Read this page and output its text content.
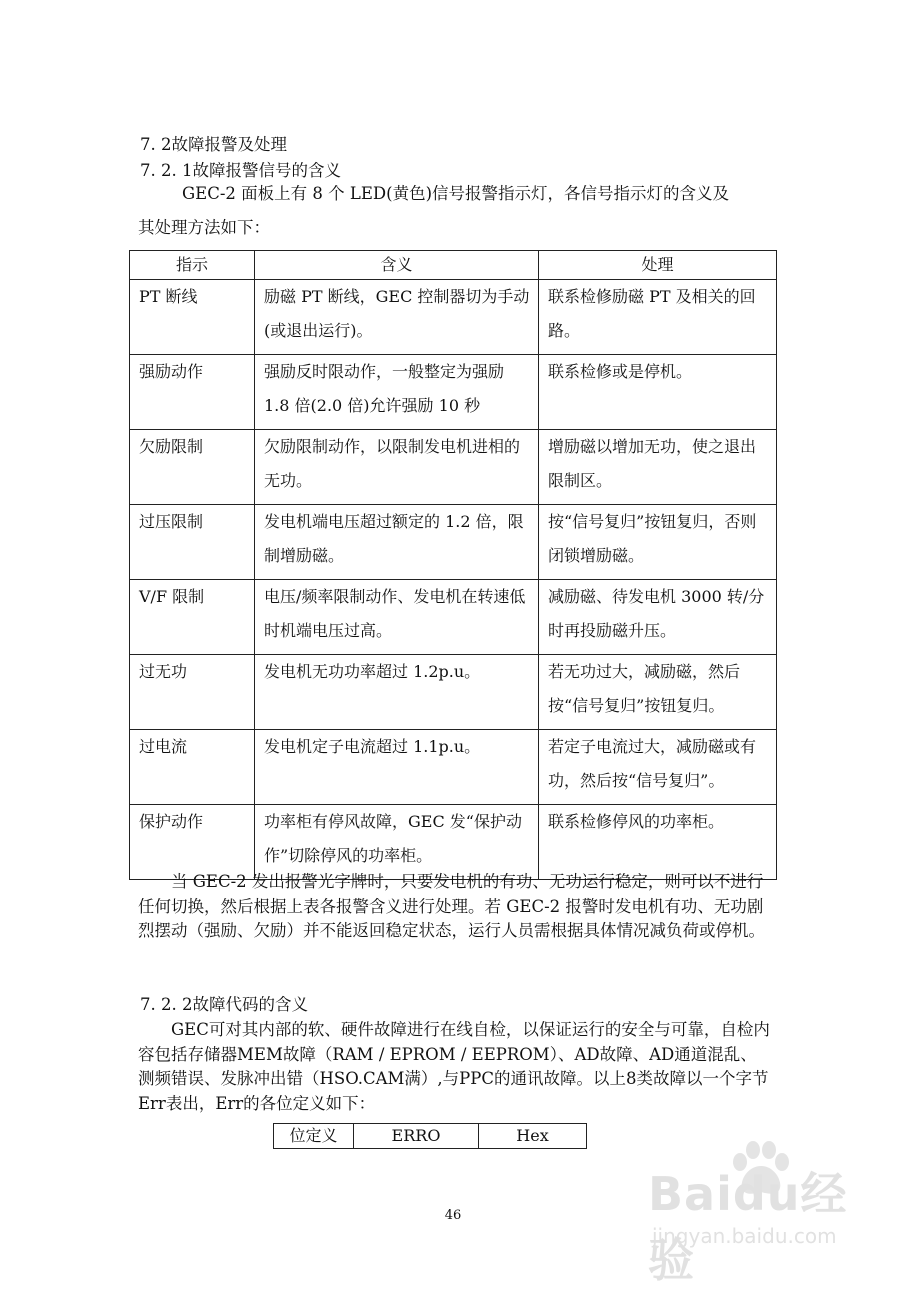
7. 2故障报警及处理
7. 2. 1故障报警信号的含义
GEC-2 面板上有 8 个 LED(黄色)信号报警指示灯，各信号指示灯的含义及
其处理方法如下：
指示	含义	处理

PT 断线	励磁 PT 断线，GEC 控制器切为手动(或退出运行)。	联系检修励磁 PT 及相关的回路。

强励动作	强励反时限动作，一般整定为强励 1.8 倍(2.0 倍)允许强励 10 秒	联系检修或是停机。

欠励限制	欠励限制动作，以限制发电机进相的无功。	增励磁以增加无功，使之退出限制区。

过压限制	发电机端电压超过额定的 1.2 倍，限制增励磁。	按“信号复归”按钮复归，否则闭锁增励磁。

V/F 限制	电压/频率限制动作、发电机在转速低时机端电压过高。	减励磁、待发电机 3000 转/分时再投励磁升压。

过无功	发电机无功功率超过 1.2p.u。	若无功过大，减励磁，然后按“信号复归”按钮复归。

过电流	发电机定子电流超过 1.1p.u。	若定子电流过大，减励磁或有功，然后按“信号复归”。

保护动作	功率柜有停风故障，GEC 发“保护动作”切除停风的功率柜。	联系检修停风的功率柜。
当 GEC-2 发出报警光字牌时，只要发电机的有功、无功运行稳定，则可以不进行任何切换，然后根据上表各报警含义进行处理。若 GEC-2 报警时发电机有功、无功剧烈摆动（强励、欠励）并不能返回稳定状态，运行人员需根据具体情况减负荷或停机。
7. 2. 2故障代码的含义
GEC可对其内部的软、硬件故障进行在线自检，以保证运行的安全与可靠，自检内容包括存储器MEM故障（RAM / EPROM / EEPROM）、AD故障、AD通道混乱、测频错误、发脉冲出错（HSO.CAM满）,与PPC的通讯故障。以上8类故障以一个字节Err表出，Err的各位定义如下：
位定义	ERRO	Hex
46	Baidu经验
jingyan.baidu.com
